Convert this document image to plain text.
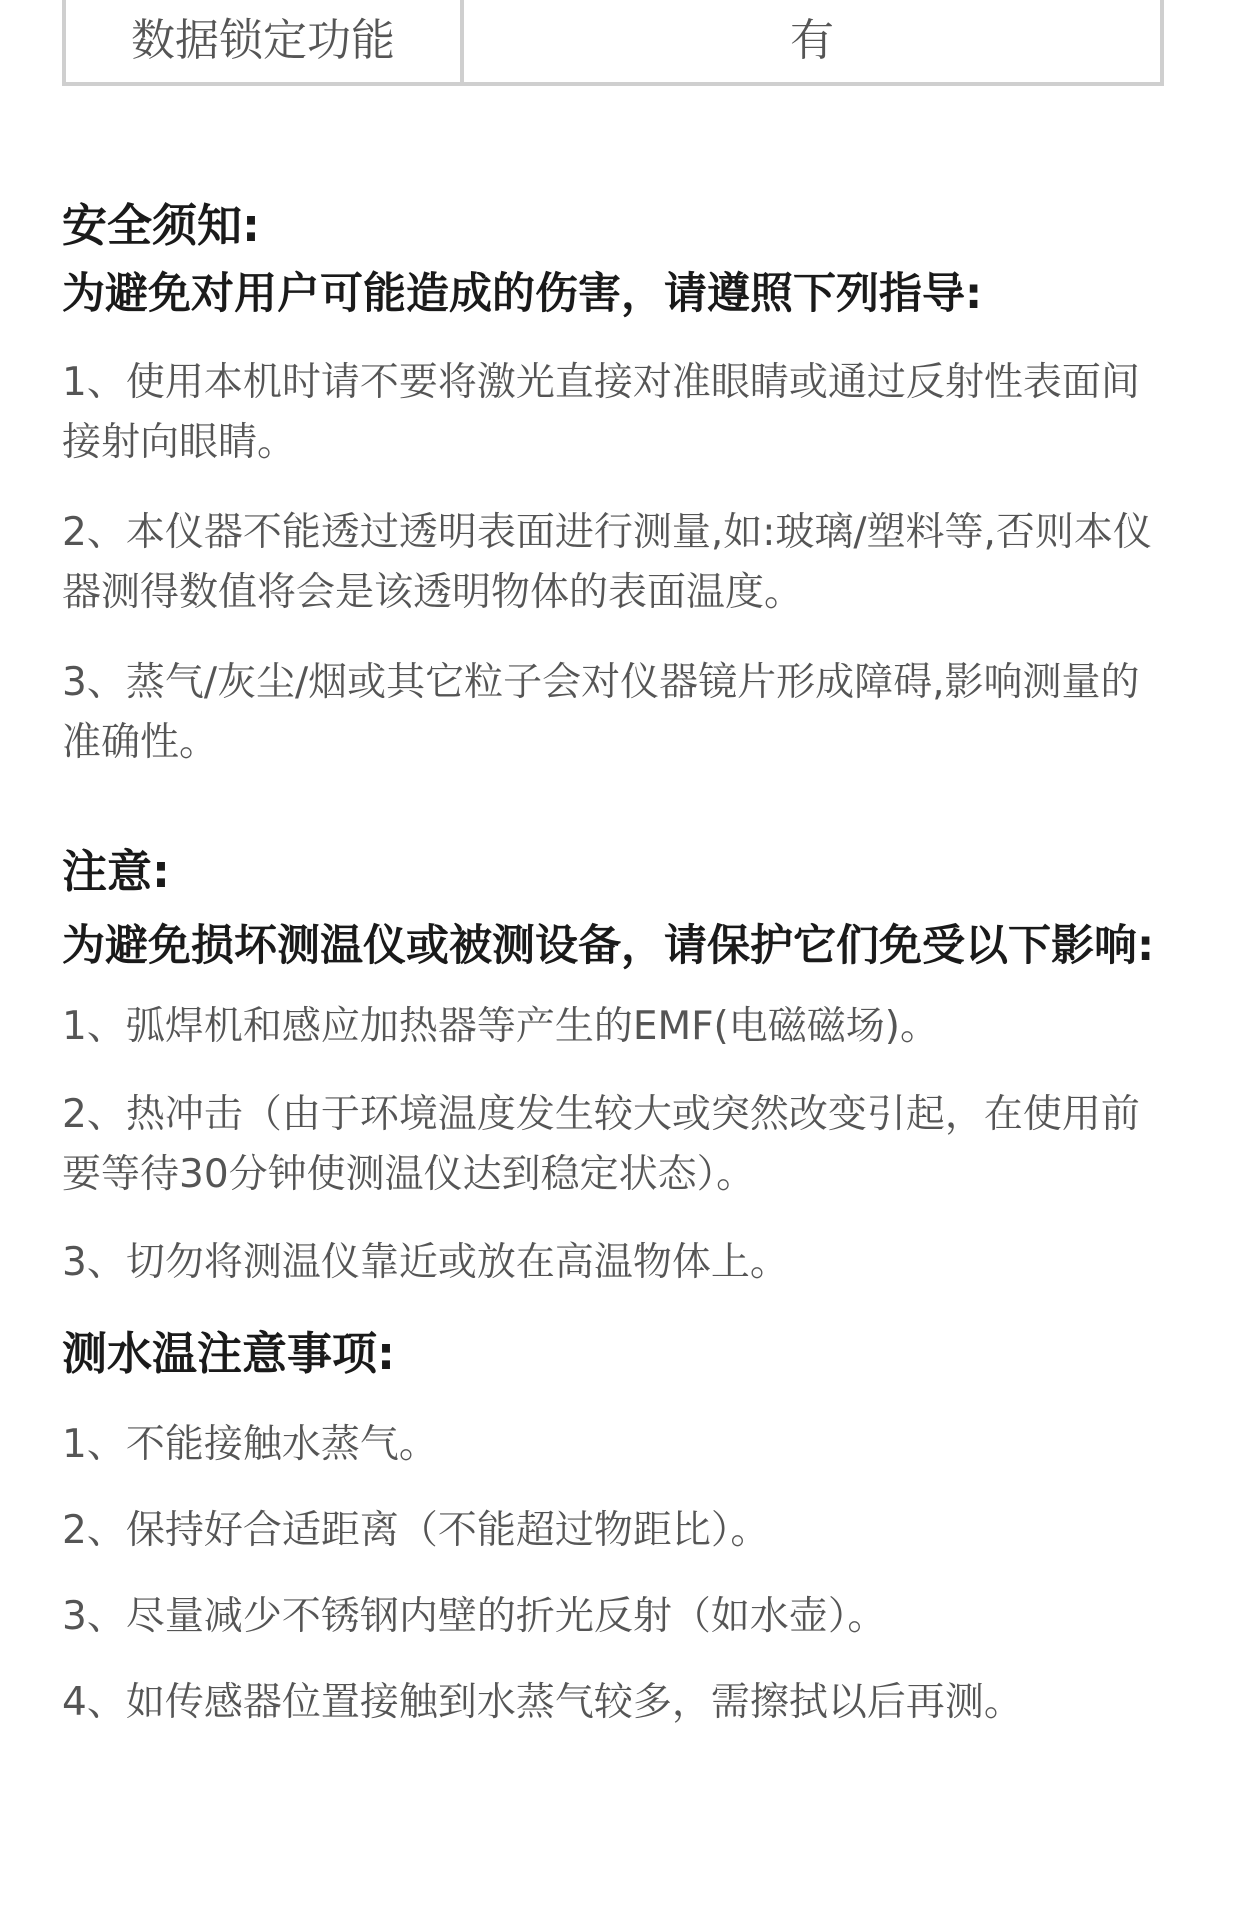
数据锁定功能	有
安全须知:
为避免对用户可能造成的伤害，请遵照下列指导:

1、使用本机时请不要将激光直接对准眼睛或通过反射性表面间接射向眼睛。

2、本仪器不能透过透明表面进行测量,如:玻璃/塑料等,否则本仪器测得数值将会是该透明物体的表面温度。

3、蒸气/灰尘/烟或其它粒子会对仪器镜片形成障碍,影响测量的准确性。

注意:
为避免损坏测温仪或被测设备，请保护它们免受以下影响:

1、弧焊机和感应加热器等产生的EMF(电磁磁场)。

2、热冲击（由于环境温度发生较大或突然改变引起，在使用前要等待30分钟使测温仪达到稳定状态）。

3、切勿将测温仪靠近或放在高温物体上。

测水温注意事项:

1、不能接触水蒸气。

2、保持好合适距离（不能超过物距比）。

3、尽量减少不锈钢内壁的折光反射（如水壶）。

4、如传感器位置接触到水蒸气较多，需擦拭以后再测。
